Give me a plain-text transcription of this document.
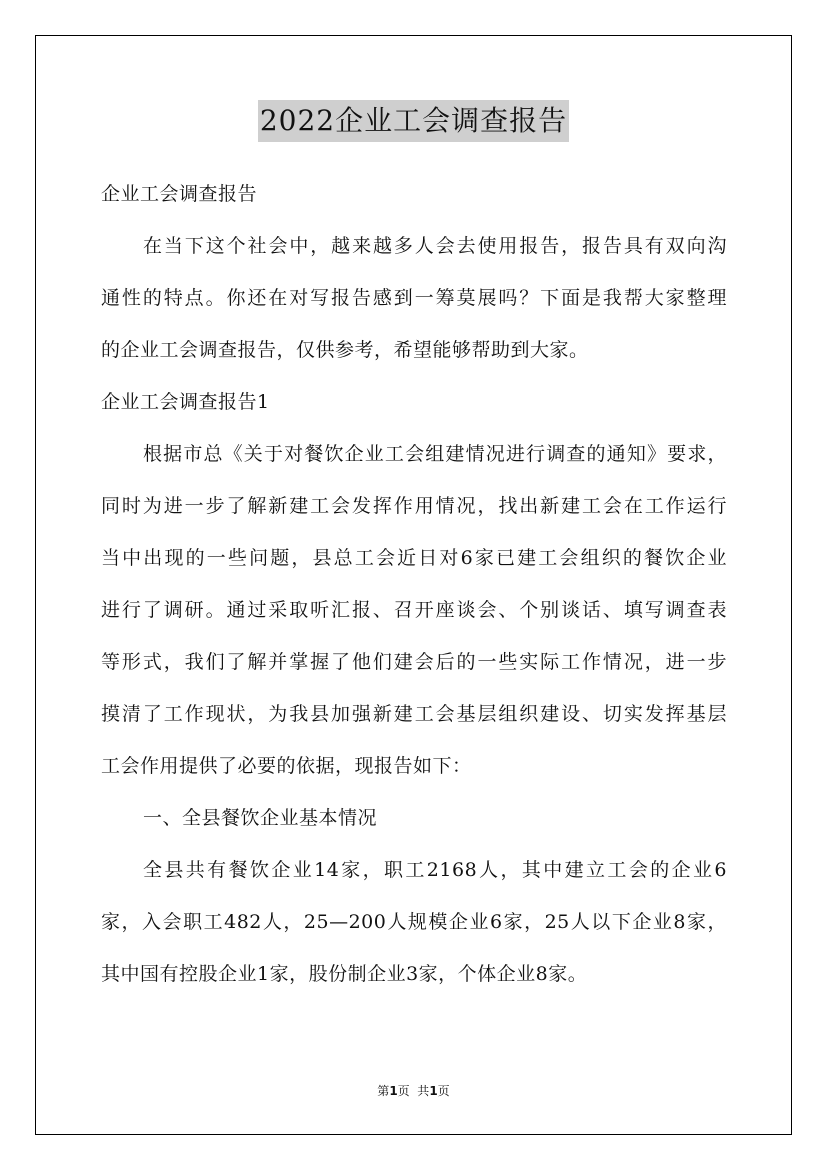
2022企业工会调查报告
企业工会调查报告
在当下这个社会中，越来越多人会去使用报告，报告具有双向沟
通性的特点。你还在对写报告感到一筹莫展吗？下面是我帮大家整理
的企业工会调查报告，仅供参考，希望能够帮助到大家。
企业工会调查报告1
根据市总《关于对餐饮企业工会组建情况进行调查的通知》要求，
同时为进一步了解新建工会发挥作用情况，找出新建工会在工作运行
当中出现的一些问题，县总工会近日对6家已建工会组织的餐饮企业
进行了调研。通过采取听汇报、召开座谈会、个别谈话、填写调查表
等形式，我们了解并掌握了他们建会后的一些实际工作情况，进一步
摸清了工作现状，为我县加强新建工会基层组织建设、切实发挥基层
工会作用提供了必要的依据，现报告如下：
一、全县餐饮企业基本情况
全县共有餐饮企业14家，职工2168人，其中建立工会的企业6
家，入会职工482人，25—200人规模企业6家，25人以下企业8家，
其中国有控股企业1家，股份制企业3家，个体企业8家。
第1页  共1页
